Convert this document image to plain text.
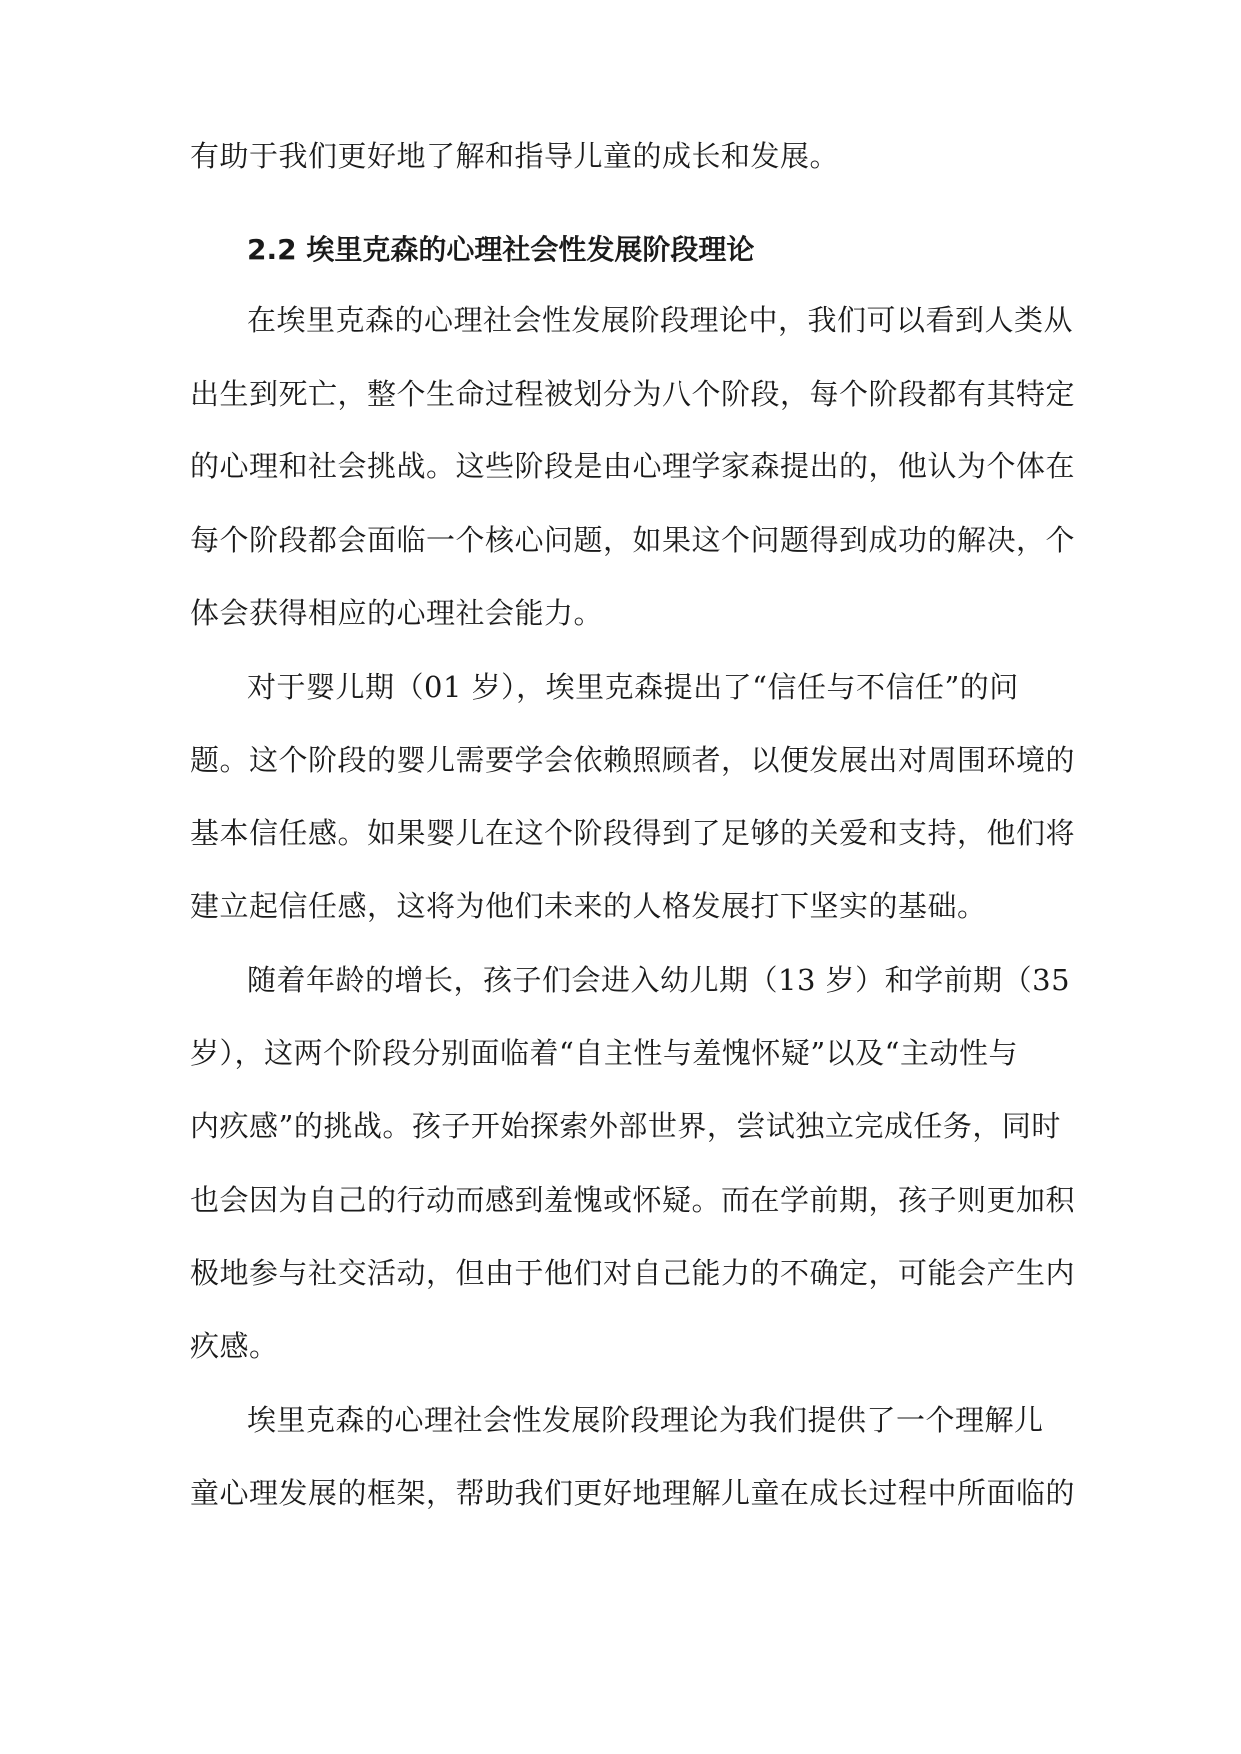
有助于我们更好地了解和指导儿童的成长和发展。
2.2 埃里克森的心理社会性发展阶段理论
在埃里克森的心理社会性发展阶段理论中，我们可以看到人类从
出生到死亡，整个生命过程被划分为八个阶段，每个阶段都有其特定
的心理和社会挑战。这些阶段是由心理学家森提出的，他认为个体在
每个阶段都会面临一个核心问题，如果这个问题得到成功的解决，个
体会获得相应的心理社会能力。
对于婴儿期（01 岁），埃里克森提出了“信任与不信任”的问
题。这个阶段的婴儿需要学会依赖照顾者，以便发展出对周围环境的
基本信任感。如果婴儿在这个阶段得到了足够的关爱和支持，他们将
建立起信任感，这将为他们未来的人格发展打下坚实的基础。
随着年龄的增长，孩子们会进入幼儿期（13 岁）和学前期（35
岁），这两个阶段分别面临着“自主性与羞愧怀疑”以及“主动性与
内疚感”的挑战。孩子开始探索外部世界，尝试独立完成任务，同时
也会因为自己的行动而感到羞愧或怀疑。而在学前期，孩子则更加积
极地参与社交活动，但由于他们对自己能力的不确定，可能会产生内
疚感。
埃里克森的心理社会性发展阶段理论为我们提供了一个理解儿
童心理发展的框架，帮助我们更好地理解儿童在成长过程中所面临的
